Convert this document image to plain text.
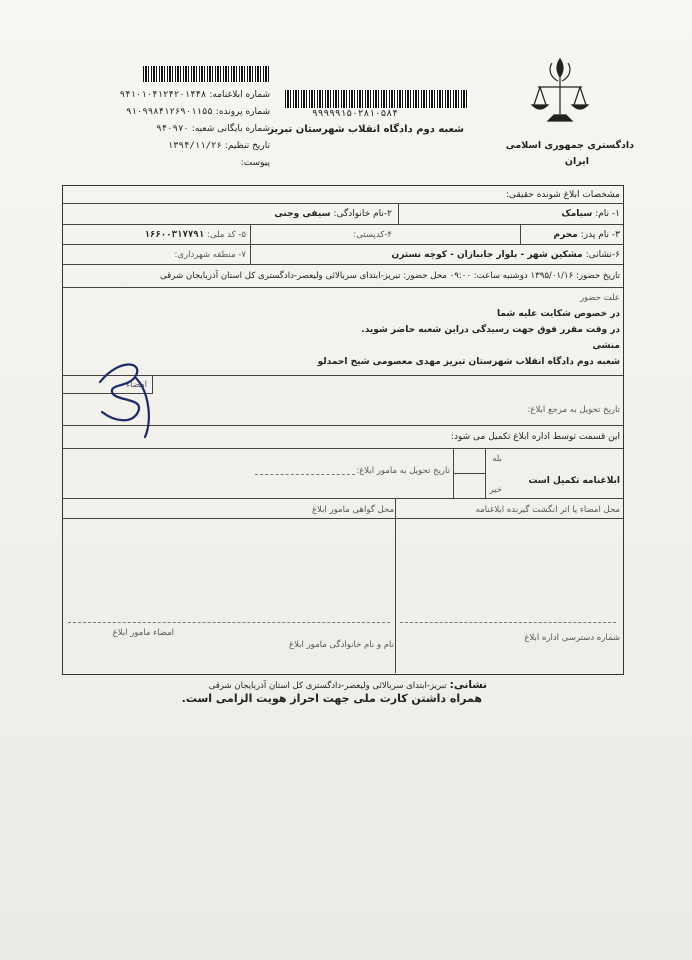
دادگستری جمهوری اسلامی
ایران
۹۹۹۹۹۱۵۰۲۸۱۰۵۸۴
شعبه دوم دادگاه انقلاب شهرستان تبریز
شماره ابلاغنامه:
۹۴۱۰۱۰۴۱۲۴۲۰۱۴۴۸
شماره پرونده:
۹۱۰۹۹۸۴۱۲۶۹۰۱۱۵۵
شماره بایگانی شعبه:
۹۴۰۹۷۰
تاریخ تنظیم:
۱۳۹۴/۱۱/۲۶
پیوست:
مشخصات ابلاغ شونده حقیقی:
۱- نام:
سیامک
۲-نام خانوادگی:
سیفی وجنی
۳- نام پدر:
محرم
۴-کدپستی:
۵- کد ملی:
۱۶۶۰۰۳۱۷۷۹۱
۶-نشانی:
مشکین شهر - بلوار جانبازان - کوچه نسترن
۷- منطقه شهرداری:
تاریخ حضور: ۱۳۹۵/۰۱/۱۶ دوشنبه ساعت: ۰۹:۰۰ محل حضور: تبریز-ابتدای سربالائی ولیعصر-دادگستری کل استان آذربایجان شرقی
علت حضور
در خصوص شکایت علیه شما
در وقت مقرر فوق جهت رسیدگی دراین شعبه حاضر شوید.
منشی
شعبه دوم دادگاه انقلاب شهرستان تبریز مهدی معصومی شیخ احمدلو
امضاء
تاریخ تحویل به مرجع ابلاغ:
این قسمت توسط اداره ابلاغ تکمیل می شود:
ابلاغنامه تکمیل است
بله
خیر
تاریخ تحویل به مامور ابلاغ:
محل امضاء یا اثر انگشت گیرنده ابلاغنامه
محل گواهی مامور ابلاغ
امضاء مامور ابلاغ
نام و نام خانوادگی مامور ابلاغ
شماره دسترسی اداره ابلاغ
نشانی:
تبریز-ابتدای سربالائی ولیعصر-دادگستری کل استان آذربایجان شرقی
همراه داشتن کارت ملی جهت احراز هویت الزامی است.
